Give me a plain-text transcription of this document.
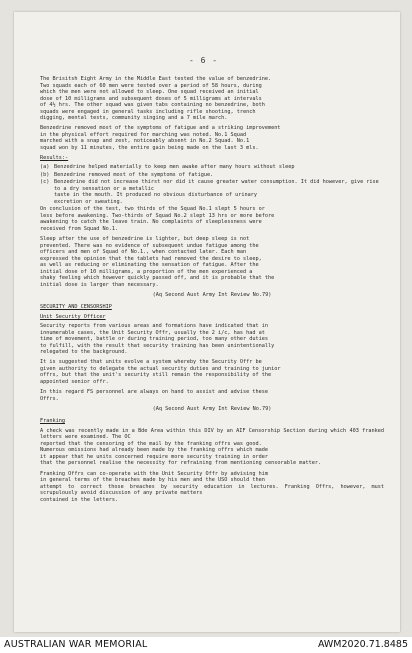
- 6 -
The Brisitsh Eight Army in the Middle East tested the value of benzedrine.
Two squads each of 60 men were tested over a period of 58 hours, during
which the men were not allowed to sleep. One squad received an initial
dose of 10 milligrams and subsequent doses of 5 milligrams at intervals
of 4½ hrs. The other squad was given tabs containing no benzedrine, both
squads were engaged in general tasks including rifle shooting, trench
digging, mental tests, community singing and a 7 mile march.
Benzedrine removed most of the symptoms of fatigue and a striking improvement
in the physical effort required for marching was noted. No.1 Squad
marched with a snap and zest, noticeably absent in No.2 Squad. No.1
squad won by 11 minutes, the entire gain being made on the last 3 mls.
Results:-
(a) Benzedrine helped materially to keep men awake after many hours without sleep
(b) Benzedrine removed most of the symptoms of fatigue.
(c) Benzedrine did not increase thirst nor did it cause greater water consumption. It did however, give rise to a dry sensation or a metallic
taste in the mouth. It produced no obvious disturbance of urinary
excretion or sweating.
On conclusion of the test, two thirds of the Squad No.1 slept 5 hours or
less before awakening. Two-thirds of Squad No.2 slept 13 hrs or more before
awakening to catch the leave train. No complaints of sleeplessness were
received from Squad No.1.
Sleep after the use of benzedrine is lighter, but deep sleep is not
prevented. There was no evidence of subsequent undue fatigue among the
officers and men of Squad of No.1., when contacted later. Each man
expressed the opinion that the tablets had removed the desire to sleep,
as well as reducing or eliminating the sensation of fatigue. After the
initial dose of 10 milligrams, a proportion of the men experienced a
shaky feeling which however quickly passed off, and it is probable that the
initial dose is larger than necessary.
(Aq Second Aust Army Int Review No.79)
SECURITY AND CENSORSHIP
Unit Security Officer
Security reports from various areas and formations have indicated that in
innumerable cases, the Unit Security Offr, usually the 2 i/c, has had at
time of movement, battle or during training period, too many other duties
to fulfill, with the result that security training has been unintentionally
relegated to the background.
It is suggested that units evolve a system whereby the Security Offr be
given authority to delegate the actual security duties and training to junior
offrs, but that the unit's security still remain the responsibility of the
appointed senior offr.
In this regard FS personnel are always on hand to assist and advise these
Offrs.
(Aq Second Aust Army Int Review No.79)
Franking
A check was recently made in a Bde Area within this DIV by an AIF Censorship Section during which 403 franked letters were examined. The OC
reported that the censoring of the mail by the franking offrs was good.
Numerous omissions had already been made by the franking offrs which made
it appear that he units concerned require more security training in order
that the personnel realise the necessity for refraining from mentioning censorable matter.
Franking Offrs can co-operate with the Unit Security Offr by advising him
in general terms of the breaches made by his men and the USO should then
attempt to correct those breaches by security education in lectures. Franking Offrs, however, must scrupulously avoid discussion of any private matters
contained in the letters.
AUSTRALIAN WAR MEMORIAL	AWM2020.71.8485
